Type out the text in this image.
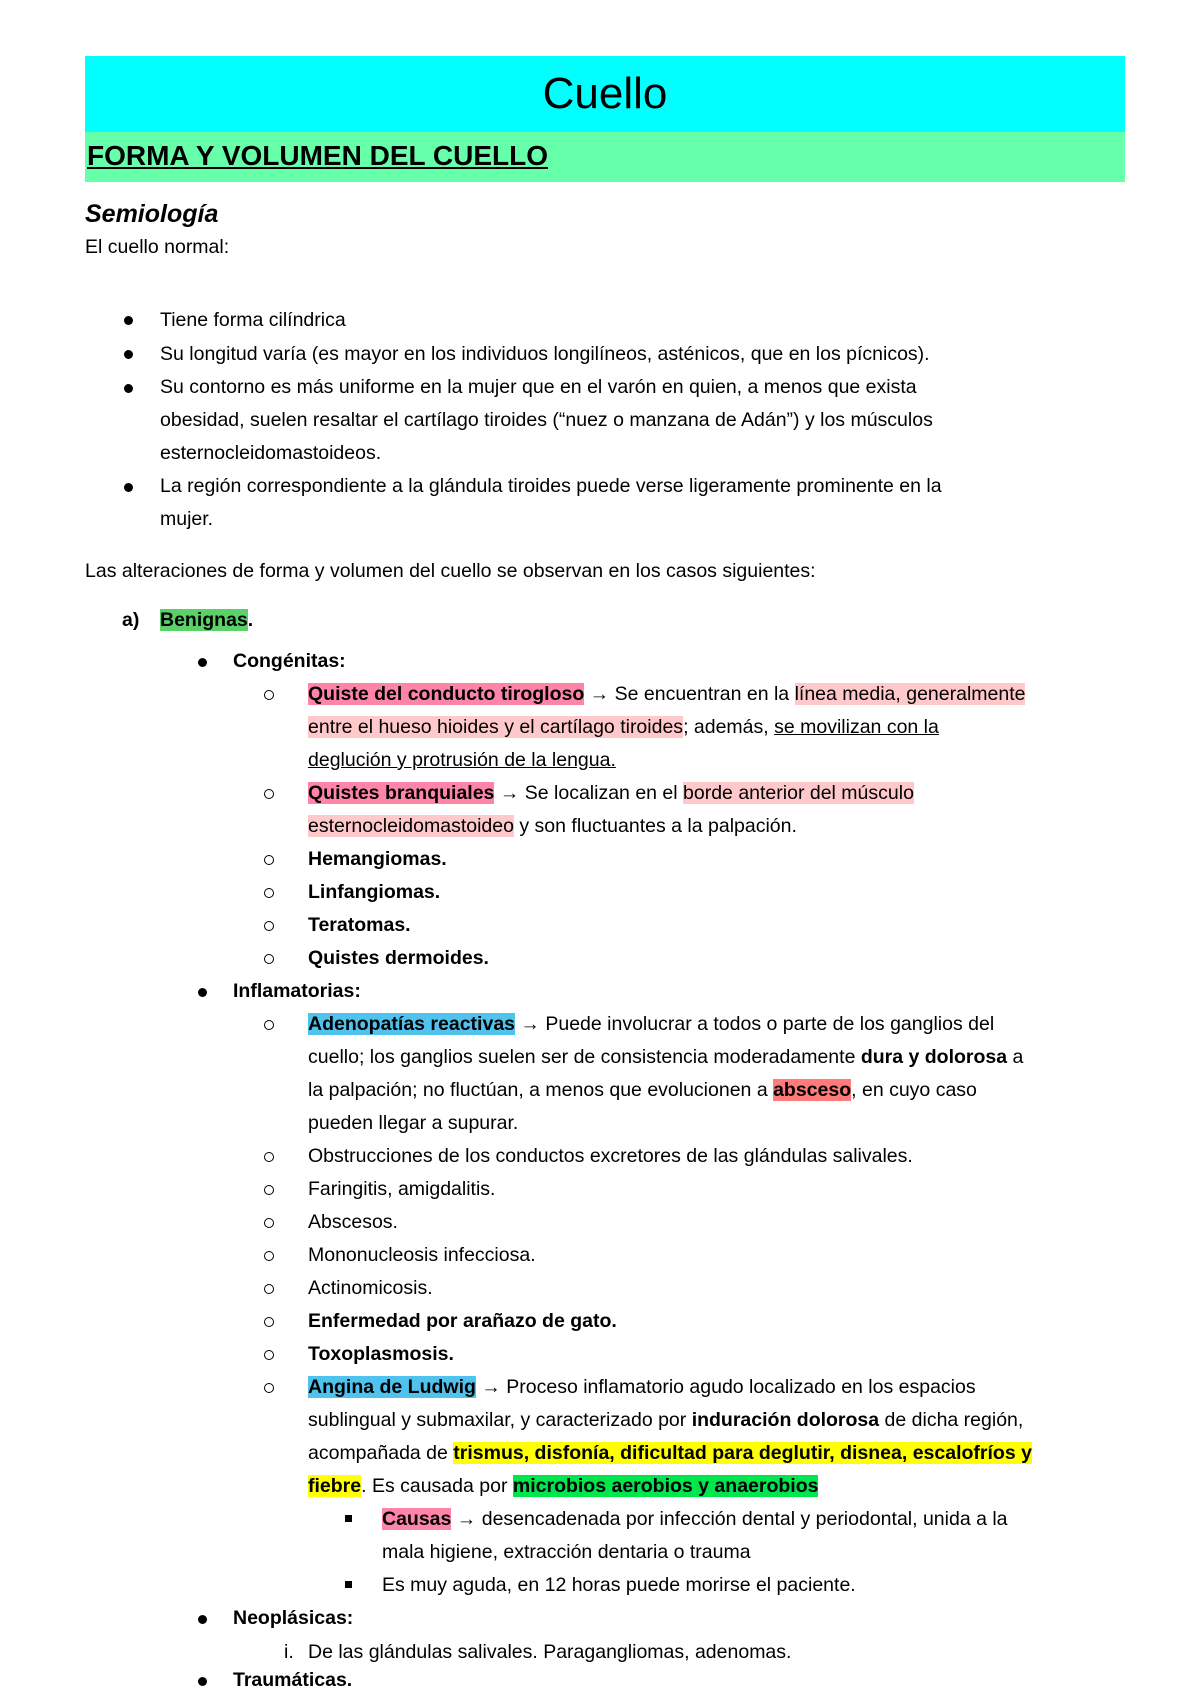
Cuello
FORMA Y VOLUMEN DEL CUELLO
Semiología
El cuello normal:
Tiene forma cilíndrica
Su longitud varía (es mayor en los individuos longilíneos, asténicos, que en los pícnicos).
Su contorno es más uniforme en la mujer que en el varón en quien, a menos que exista
obesidad, suelen resaltar el cartílago tiroides (“nuez o manzana de Adán”) y los músculos
esternocleidomastoideos.
La región correspondiente a la glándula tiroides puede verse ligeramente prominente en la
mujer.
Las alteraciones de forma y volumen del cuello se observan en los casos siguientes:
a) Benignas.
Congénitas:
Quiste del conducto tirogloso → Se encuentran en la línea media, generalmente
entre el hueso hioides y el cartílago tiroides; además, se movilizan con la
deglución y protrusión de la lengua.
Quistes branquiales → Se localizan en el borde anterior del músculo
esternocleidomastoideo y son fluctuantes a la palpación.
Hemangiomas.
Linfangiomas.
Teratomas.
Quistes dermoides.
Inflamatorias:
Adenopatías reactivas → Puede involucrar a todos o parte de los ganglios del
cuello; los ganglios suelen ser de consistencia moderadamente dura y dolorosa a
la palpación; no fluctúan, a menos que evolucionen a absceso, en cuyo caso
pueden llegar a supurar.
Obstrucciones de los conductos excretores de las glándulas salivales.
Faringitis, amigdalitis.
Abscesos.
Mononucleosis infecciosa.
Actinomicosis.
Enfermedad por arañazo de gato.
Toxoplasmosis.
Angina de Ludwig → Proceso inflamatorio agudo localizado en los espacios
sublingual y submaxilar, y caracterizado por induración dolorosa de dicha región,
acompañada de trismus, disfonía, dificultad para deglutir, disnea, escalofríos y
fiebre. Es causada por microbios aerobios y anaerobios
Causas → desencadenada por infección dental y periodontal, unida a la
mala higiene, extracción dentaria o trauma
Es muy aguda, en 12 horas puede morirse el paciente.
Neoplásicas:
i. De las glándulas salivales. Paragangliomas, adenomas.
Traumáticas.
